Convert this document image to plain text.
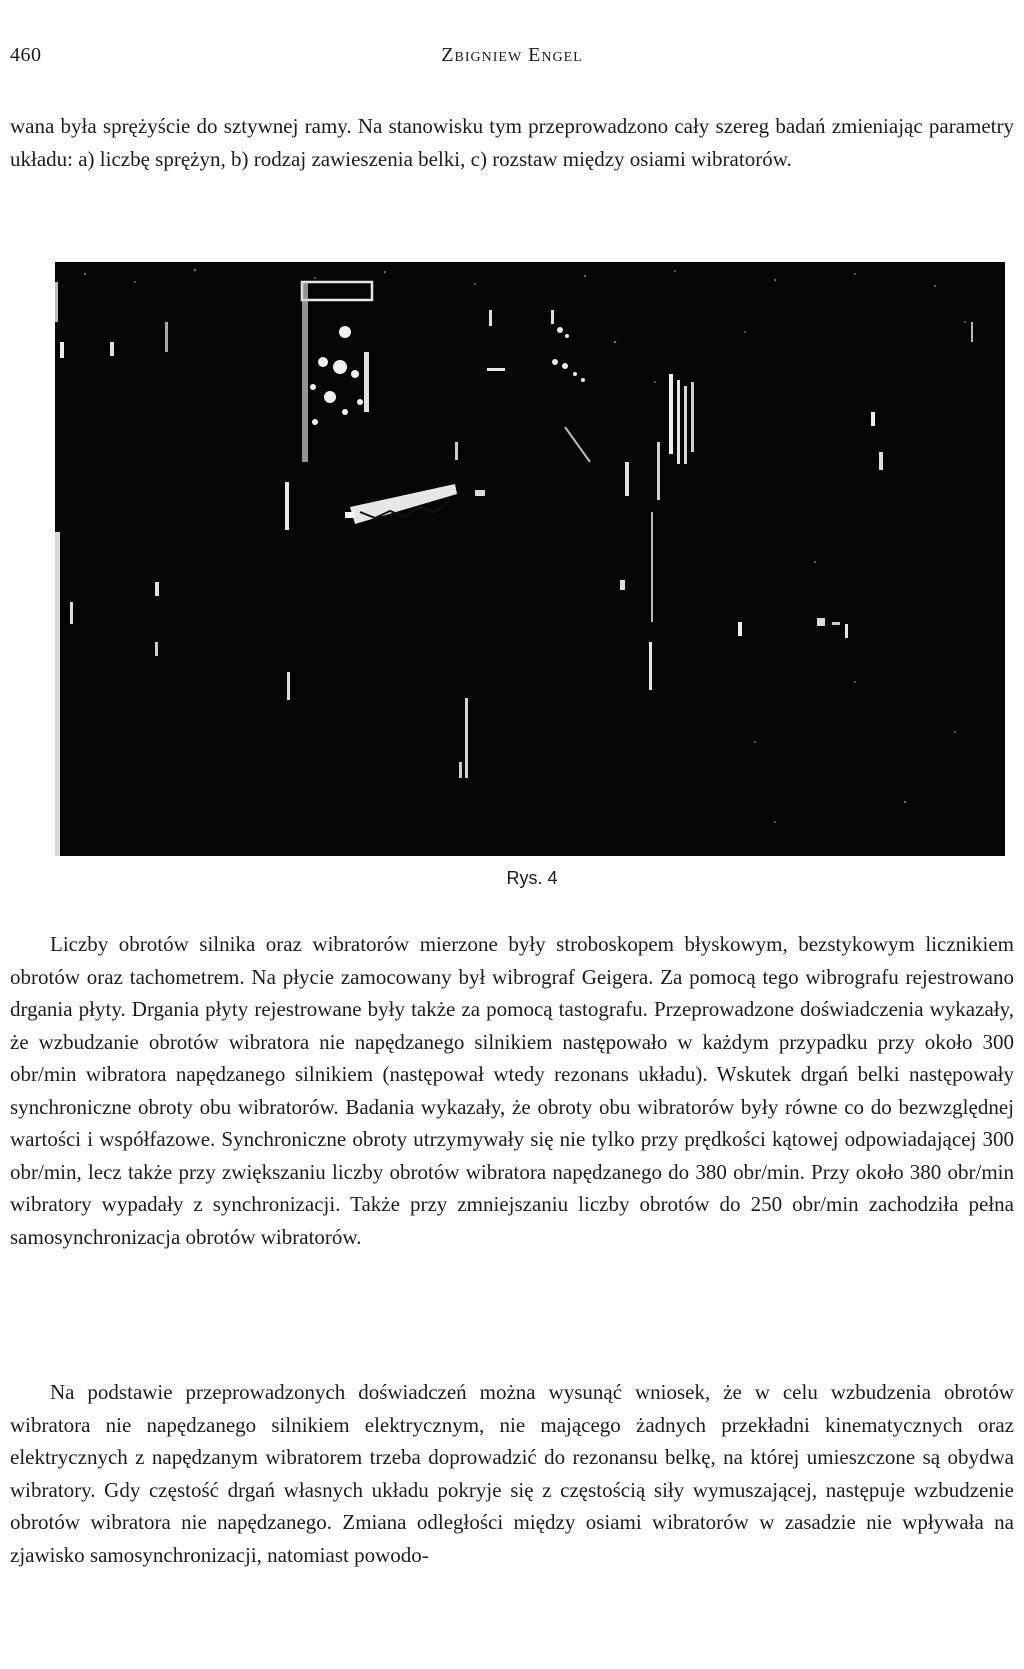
460	Zbigniew Engel

wana była sprężyście do sztywnej ramy. Na stanowisku tym przeprowadzono cały szereg badań zmieniając parametry układu: a) liczbę sprężyn, b) rodzaj zawieszenia belki, c) rozstaw między osiami wibratorów.

Rys. 4

Liczby obrotów silnika oraz wibratorów mierzone były stroboskopem błyskowym, bezstykowym licznikiem obrotów oraz tachometrem. Na płycie zamocowany był wibrograf Geigera. Za pomocą tego wibrografu rejestrowano drgania płyty. Drgania płyty rejestrowane były także za pomocą tastografu. Przeprowadzone doświadczenia wykazały, że wzbudzanie obrotów wibratora nie napędzanego silnikiem następowało w każdym przypadku przy około 300 obr/min wibratora napędzanego silnikiem (następował wtedy rezonans układu). Wskutek drgań belki następowały synchroniczne obroty obu wibratorów. Badania wykazały, że obroty obu wibratorów były równe co do bezwzględnej wartości i współfazowe. Synchroniczne obroty utrzymywały się nie tylko przy prędkości kątowej odpowiadającej 300 obr/min, lecz także przy zwiększaniu liczby obrotów wibratora napędzanego do 380 obr/min. Przy około 380 obr/min wibratory wypadały z synchronizacji. Także przy zmniejszaniu liczby obrotów do 250 obr/min zachodziła pełna samosynchronizacja obrotów wibratorów.

Na podstawie przeprowadzonych doświadczeń można wysunąć wniosek, że w celu wzbudzenia obrotów wibratora nie napędzanego silnikiem elektrycznym, nie mającego żadnych przekładni kinematycznych oraz elektrycznych z napędzanym wibratorem trzeba doprowadzić do rezonansu belkę, na której umieszczone są obydwa wibratory. Gdy częstość drgań własnych układu pokryje się z częstością siły wymuszającej, następuje wzbudzenie obrotów wibratora nie napędzanego. Zmiana odległości między osiami wibratorów w zasadzie nie wpływała na zjawisko samosynchronizacji, natomiast powodo-
